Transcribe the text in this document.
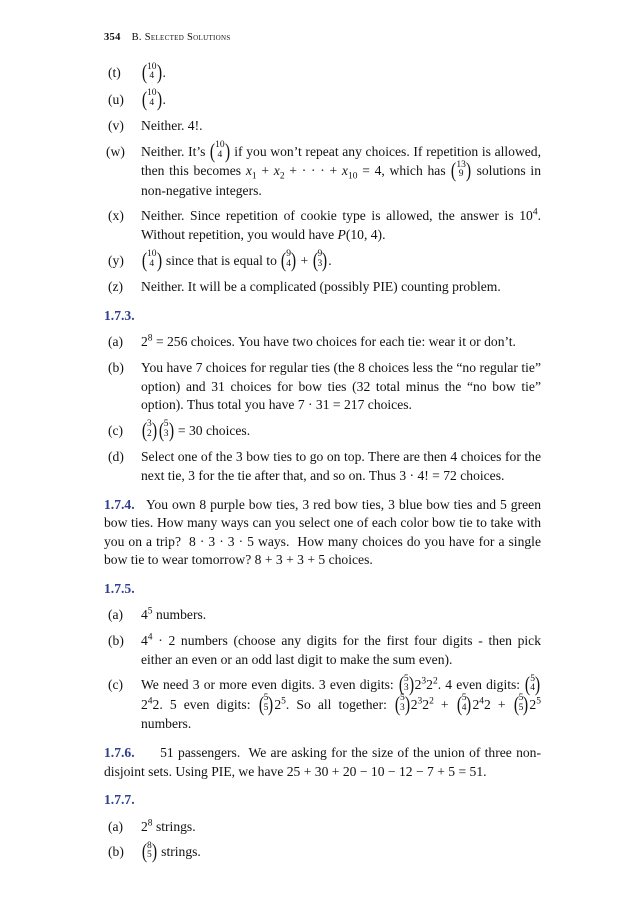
354 B. Selected Solutions
(t)	( 10
4 ).
(u) ( 10
4 ).
(v)	Neither. 4!.
(w)	Neither. It’s ( 10
4 ) if you won’t repeat any choices. If repetition is allowed, then this becomes $x_1 + x_2$ + · · · + $x_{10} = 4$, which has ( 13
9 ) solutions in non-negative integers.
(x)	Neither. Since repetition of cookie type is allowed, the answer is $10^4$. Without repetition, you would have P(10, 4).
(y) ( 10
4 ) since that is equal to ( 9
4 ) + ( 9
3 ).
(z)	Neither. It will be a complicated (possibly PIE) counting problem.
1.7.3.
(a)	$2^8 = 256$ choices. You have two choices for each tie: wear it or don’t.
(b)	You have 7 choices for regular ties (the 8 choices less the “no regular tie” option) and 31 choices for bow ties (32 total minus the “no bow tie” option). Thus total you have 7 · 31 = 217 choices.
(c) ( 3
2 )( 5
3 ) = 30 choices.
(d)	Select one of the 3 bow ties to go on top. There are then 4 choices for the next tie, 3 for the tie after that, and so on. Thus 3 · 4! = 72 choices.
1.7.4.   You own 8 purple bow ties, 3 red bow ties, 3 blue bow ties and 5 green bow ties. How many ways can you select one of each color bow tie to take with you on a trip?  8 · 3 · 3 · 5 ways.  How many choices do you have for a single bow tie to wear tomorrow? 8 + 3 + 3 + 5 choices.
1.7.5.
(a)	$4^5$ numbers.
(b)	$4^4 \cdot 2$ numbers (choose any digits for the first four digits - then pick either an even or an odd last digit to make the sum even).
(c)	We need 3 or more even digits. 3 even digits: ( 5
3 )$2^32^2$. 4 even digits: ( 5
4 )$2^42$. 5 even digits: ( 5
5 )$2^5$. So all together: ( 5
3 )$2^32^2$ + ( 5
4 )$2^42$ + ( 5
5 )$2^5$ numbers.
1.7.6.      51 passengers.  We are asking for the size of the union of three non-disjoint sets. Using PIE, we have 25 + 30 + 20 − 10 − 12 − 7 + 5 = 51.
1.7.7.
(a)	$2^8$ strings.
(b) ( 8
5 ) strings.
